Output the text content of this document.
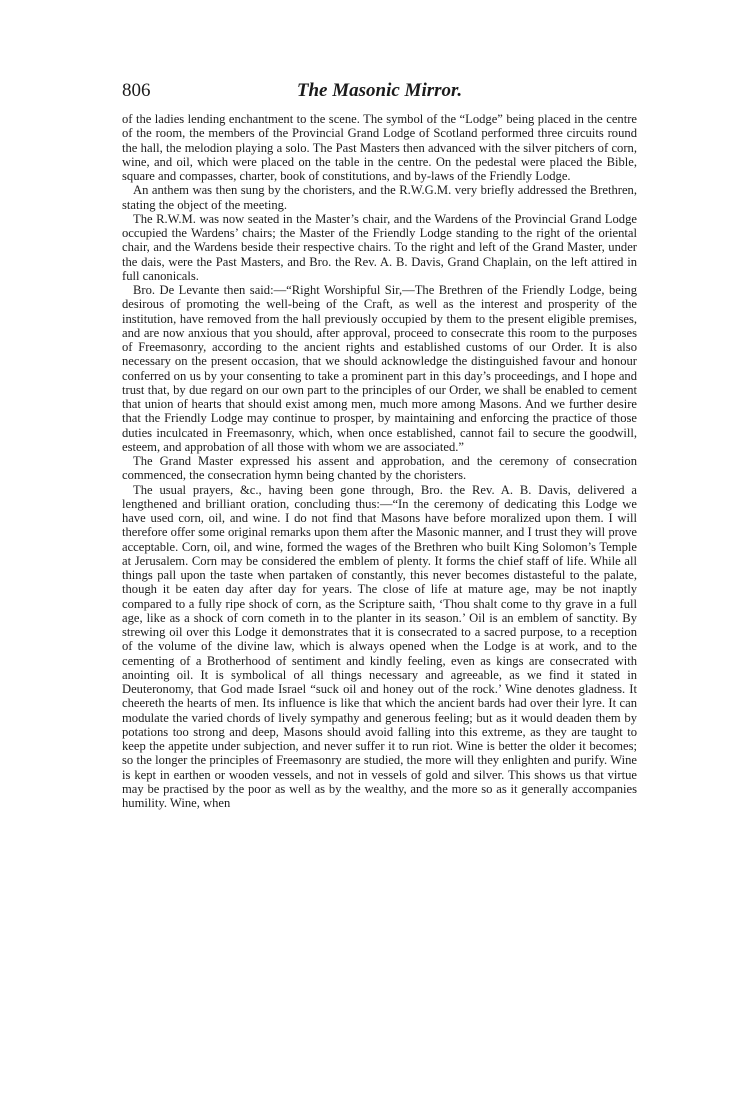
806	The Masonic Mirror.

of the ladies lending enchantment to the scene. The symbol of the “Lodge” being placed in the centre of the room, the members of the Provincial Grand Lodge of Scotland performed three circuits round the hall, the melodion playing a solo. The Past Masters then advanced with the silver pitchers of corn, wine, and oil, which were placed on the table in the centre. On the pedestal were placed the Bible, square and compasses, charter, book of constitutions, and by-laws of the Friendly Lodge.

An anthem was then sung by the choristers, and the R.W.G.M. very briefly addressed the Brethren, stating the object of the meeting.

The R.W.M. was now seated in the Master’s chair, and the Wardens of the Provincial Grand Lodge occupied the Wardens’ chairs; the Master of the Friendly Lodge standing to the right of the oriental chair, and the Wardens beside their respective chairs. To the right and left of the Grand Master, under the dais, were the Past Masters, and Bro. the Rev. A. B. Davis, Grand Chaplain, on the left attired in full canonicals.

Bro. De Levante then said:—“Right Worshipful Sir,—The Brethren of the Friendly Lodge, being desirous of promoting the well-being of the Craft, as well as the interest and prosperity of the institution, have removed from the hall previously occupied by them to the present eligible premises, and are now anxious that you should, after approval, proceed to consecrate this room to the purposes of Freemasonry, according to the ancient rights and established customs of our Order. It is also necessary on the present occasion, that we should acknowledge the distinguished favour and honour conferred on us by your consenting to take a prominent part in this day’s proceedings, and I hope and trust that, by due regard on our own part to the principles of our Order, we shall be enabled to cement that union of hearts that should exist among men, much more among Masons. And we further desire that the Friendly Lodge may continue to prosper, by maintaining and enforcing the practice of those duties inculcated in Freemasonry, which, when once established, cannot fail to secure the goodwill, esteem, and approbation of all those with whom we are associated.”

The Grand Master expressed his assent and approbation, and the ceremony of consecration commenced, the consecration hymn being chanted by the choristers.

The usual prayers, &c., having been gone through, Bro. the Rev. A. B. Davis, delivered a lengthened and brilliant oration, concluding thus:—“In the ceremony of dedicating this Lodge we have used corn, oil, and wine. I do not find that Masons have before moralized upon them. I will therefore offer some original remarks upon them after the Masonic manner, and I trust they will prove acceptable. Corn, oil, and wine, formed the wages of the Brethren who built King Solomon’s Temple at Jerusalem. Corn may be considered the emblem of plenty. It forms the chief staff of life. While all things pall upon the taste when partaken of constantly, this never becomes distasteful to the palate, though it be eaten day after day for years. The close of life at mature age, may be not inaptly compared to a fully ripe shock of corn, as the Scripture saith, ‘Thou shalt come to thy grave in a full age, like as a shock of corn cometh in to the planter in its season.’ Oil is an emblem of sanctity. By strewing oil over this Lodge it demonstrates that it is consecrated to a sacred purpose, to a reception of the volume of the divine law, which is always opened when the Lodge is at work, and to the cementing of a Brotherhood of sentiment and kindly feeling, even as kings are consecrated with anointing oil. It is symbolical of all things necessary and agreeable, as we find it stated in Deuteronomy, that God made Israel “suck oil and honey out of the rock.’ Wine denotes gladness. It cheereth the hearts of men. Its influence is like that which the ancient bards had over their lyre. It can modulate the varied chords of lively sympathy and generous feeling; but as it would deaden them by potations too strong and deep, Masons should avoid falling into this extreme, as they are taught to keep the appetite under subjection, and never suffer it to run riot. Wine is better the older it becomes; so the longer the principles of Freemasonry are studied, the more will they enlighten and purify. Wine is kept in earthen or wooden vessels, and not in vessels of gold and silver. This shows us that virtue may be practised by the poor as well as by the wealthy, and the more so as it generally accompanies humility. Wine, when
